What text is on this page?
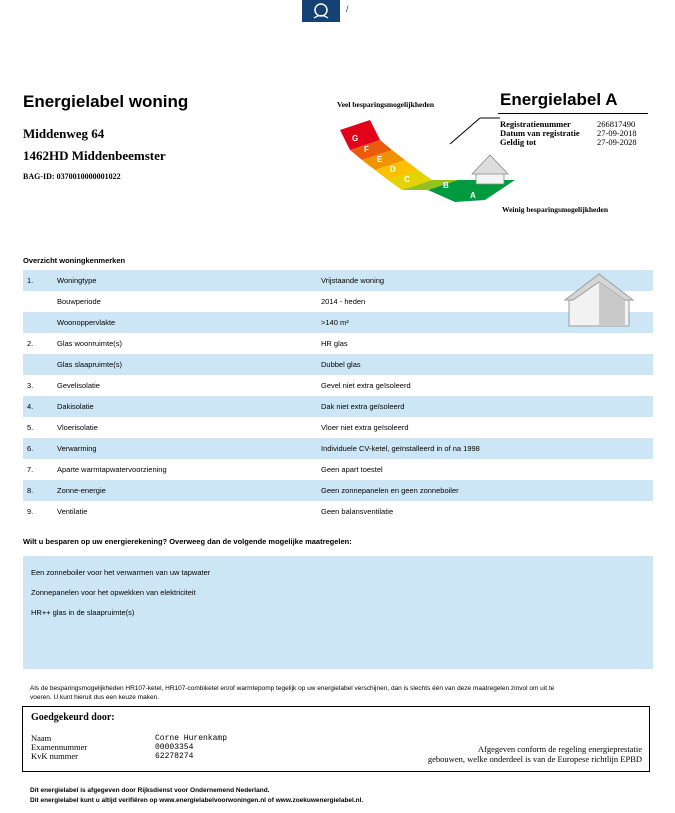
/
Energielabel woning
Middenweg 64
1462HD Middenbeemster
BAG-ID: 0370010000001022
Veel besparingsmogelijkheden
G
F
E
D
C
B
A
Weinig besparingsmogelijkheden
Energielabel A
Registratienummer	266817490
Datum van registratie	27-09-2018
Geldig tot	27-09-2028
Overzicht woningkenmerken
1.	Woningtype	Vrijstaande woning	
	Bouwperiode	2014 - heden	
	Woonoppervlakte	>140 m²	
2.	Glas woonruimte(s)	HR glas	
	Glas slaapruimte(s)	Dubbel glas	
3.	Gevelisolatie	Gevel niet extra geïsoleerd	
4.	Dakisolatie	Dak niet extra geïsoleerd	
5.	Vloerisolatie	Vloer niet extra geïsoleerd	
6.	Verwarming	Individuele CV-ketel, geïnstalleerd in of na 1998	
7.	Aparte warmtapwatervoorziening	Geen apart toestel	
8.	Zonne-energie	Geen zonnepanelen en geen zonneboiler	
9.	Ventilatie	Geen balansventilatie	
Wilt u besparen op uw energierekening? Overweeg dan de volgende mogelijke maatregelen:
Een zonneboiler voor het verwarmen van uw tapwater
Zonnepanelen voor het opwekken van elektriciteit
HR++ glas in de slaapruimte(s)
Als de besparingsmogelijkheden HR107-ketel, HR107-combiketel en/of warmtepomp tegelijk op uw energielabel verschijnen, dan is slechts één van deze maatregelen zinvol om uit te
voeren. U kunt hieruit dus een keuze maken.
Goedgekeurd door:
Naam	Corne Hurenkamp
Examennummer	00003354
KvK nummer	62278274
Afgegeven conform de regeling energieprestatie
gebouwen, welke onderdeel is van de Europese richtlijn EPBD
Dit energielabel is afgegeven door Rijksdienst voor Ondernemend Nederland.
Dit energielabel kunt u altijd verifiëren op www.energielabelvoorwoningen.nl of www.zoekuwenergielabel.nl.
